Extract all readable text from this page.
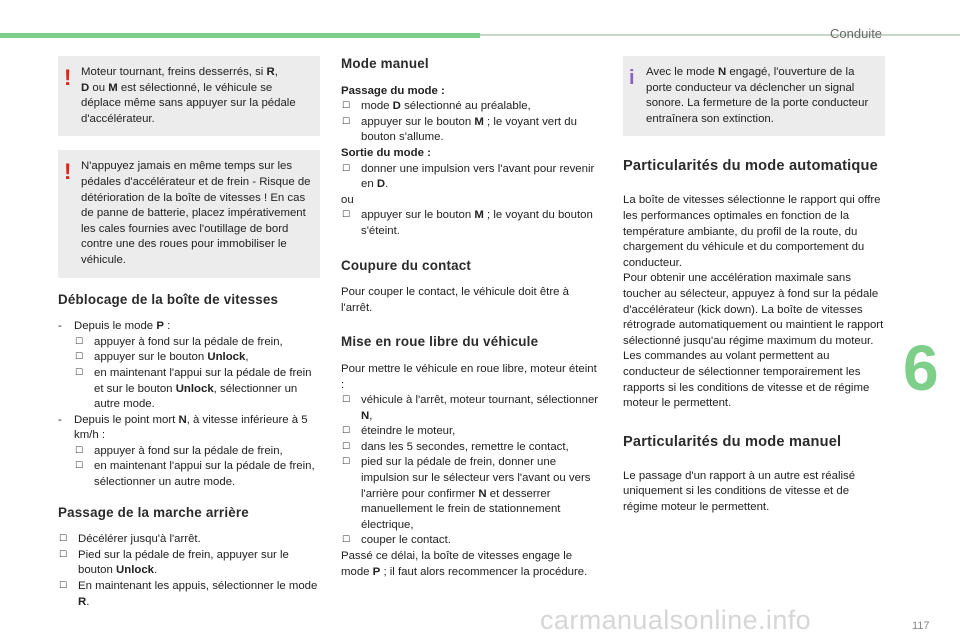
Conduite
6
! Moteur tournant, freins desserrés, si R,
D ou M est sélectionné, le véhicule se déplace même sans appuyer sur la pédale d'accélérateur.

! N'appuyez jamais en même temps sur les pédales d'accélérateur et de frein - Risque de détérioration de la boîte de vitesses ! En cas de panne de batterie, placez impérativement les cales fournies avec l'outillage de bord contre une des roues pour immobiliser le véhicule.

Déblocage de la boîte de vitesses
- Depuis le mode P :
☐ appuyer à fond sur la pédale de frein,
☐ appuyer sur le bouton Unlock,
☐ en maintenant l'appui sur la pédale de frein et sur le bouton Unlock, sélectionner un autre mode.
- Depuis le point mort N, à vitesse inférieure à 5 km/h :
☐ appuyer à fond sur la pédale de frein,
☐ en maintenant l'appui sur la pédale de frein, sélectionner un autre mode.
Passage de la marche arrière
☐ Décélérer jusqu'à l'arrêt.
☐ Pied sur la pédale de frein, appuyer sur le bouton Unlock.
☐ En maintenant les appuis, sélectionner le mode R.
Mode manuel

Passage du mode :

☐ mode D sélectionné au préalable,
☐ appuyer sur le bouton M ; le voyant vert du bouton s'allume.

Sortie du mode :

☐ donner une impulsion vers l'avant pour revenir en D.

ou

☐ appuyer sur le bouton M ; le voyant du bouton s'éteint.
Coupure du contact

Pour couper le contact, le véhicule doit être à l'arrêt.

Mise en roue libre du véhicule

Pour mettre le véhicule en roue libre, moteur éteint :

☐ véhicule à l'arrêt, moteur tournant, sélectionner N,
☐ éteindre le moteur,
☐ dans les 5 secondes, remettre le contact,
☐ pied sur la pédale de frein, donner une impulsion sur le sélecteur vers l'avant ou vers l'arrière pour confirmer N et desserrer manuellement le frein de stationnement électrique,
☐ couper le contact.

Passé ce délai, la boîte de vitesses engage le mode P ; il faut alors recommencer la procédure.

i Avec le mode N engagé, l'ouverture de la porte conducteur va déclencher un signal sonore. La fermeture de la porte conducteur entraînera son extinction.

Particularités du mode automatique

La boîte de vitesses sélectionne le rapport qui offre les performances optimales en fonction de la température ambiante, du profil de la route, du chargement du véhicule et du comportement du conducteur.

Pour obtenir une accélération maximale sans toucher au sélecteur, appuyez à fond sur la pédale d'accélérateur (kick down). La boîte de vitesses rétrograde automatiquement ou maintient le rapport sélectionné jusqu'au régime maximum du moteur.

Les commandes au volant permettent au conducteur de sélectionner temporairement les rapports si les conditions de vitesse et de régime moteur le permettent.

Particularités du mode manuel

Le passage d'un rapport à un autre est réalisé uniquement si les conditions de vitesse et de régime moteur le permettent.

carmanualsonline.info	117
